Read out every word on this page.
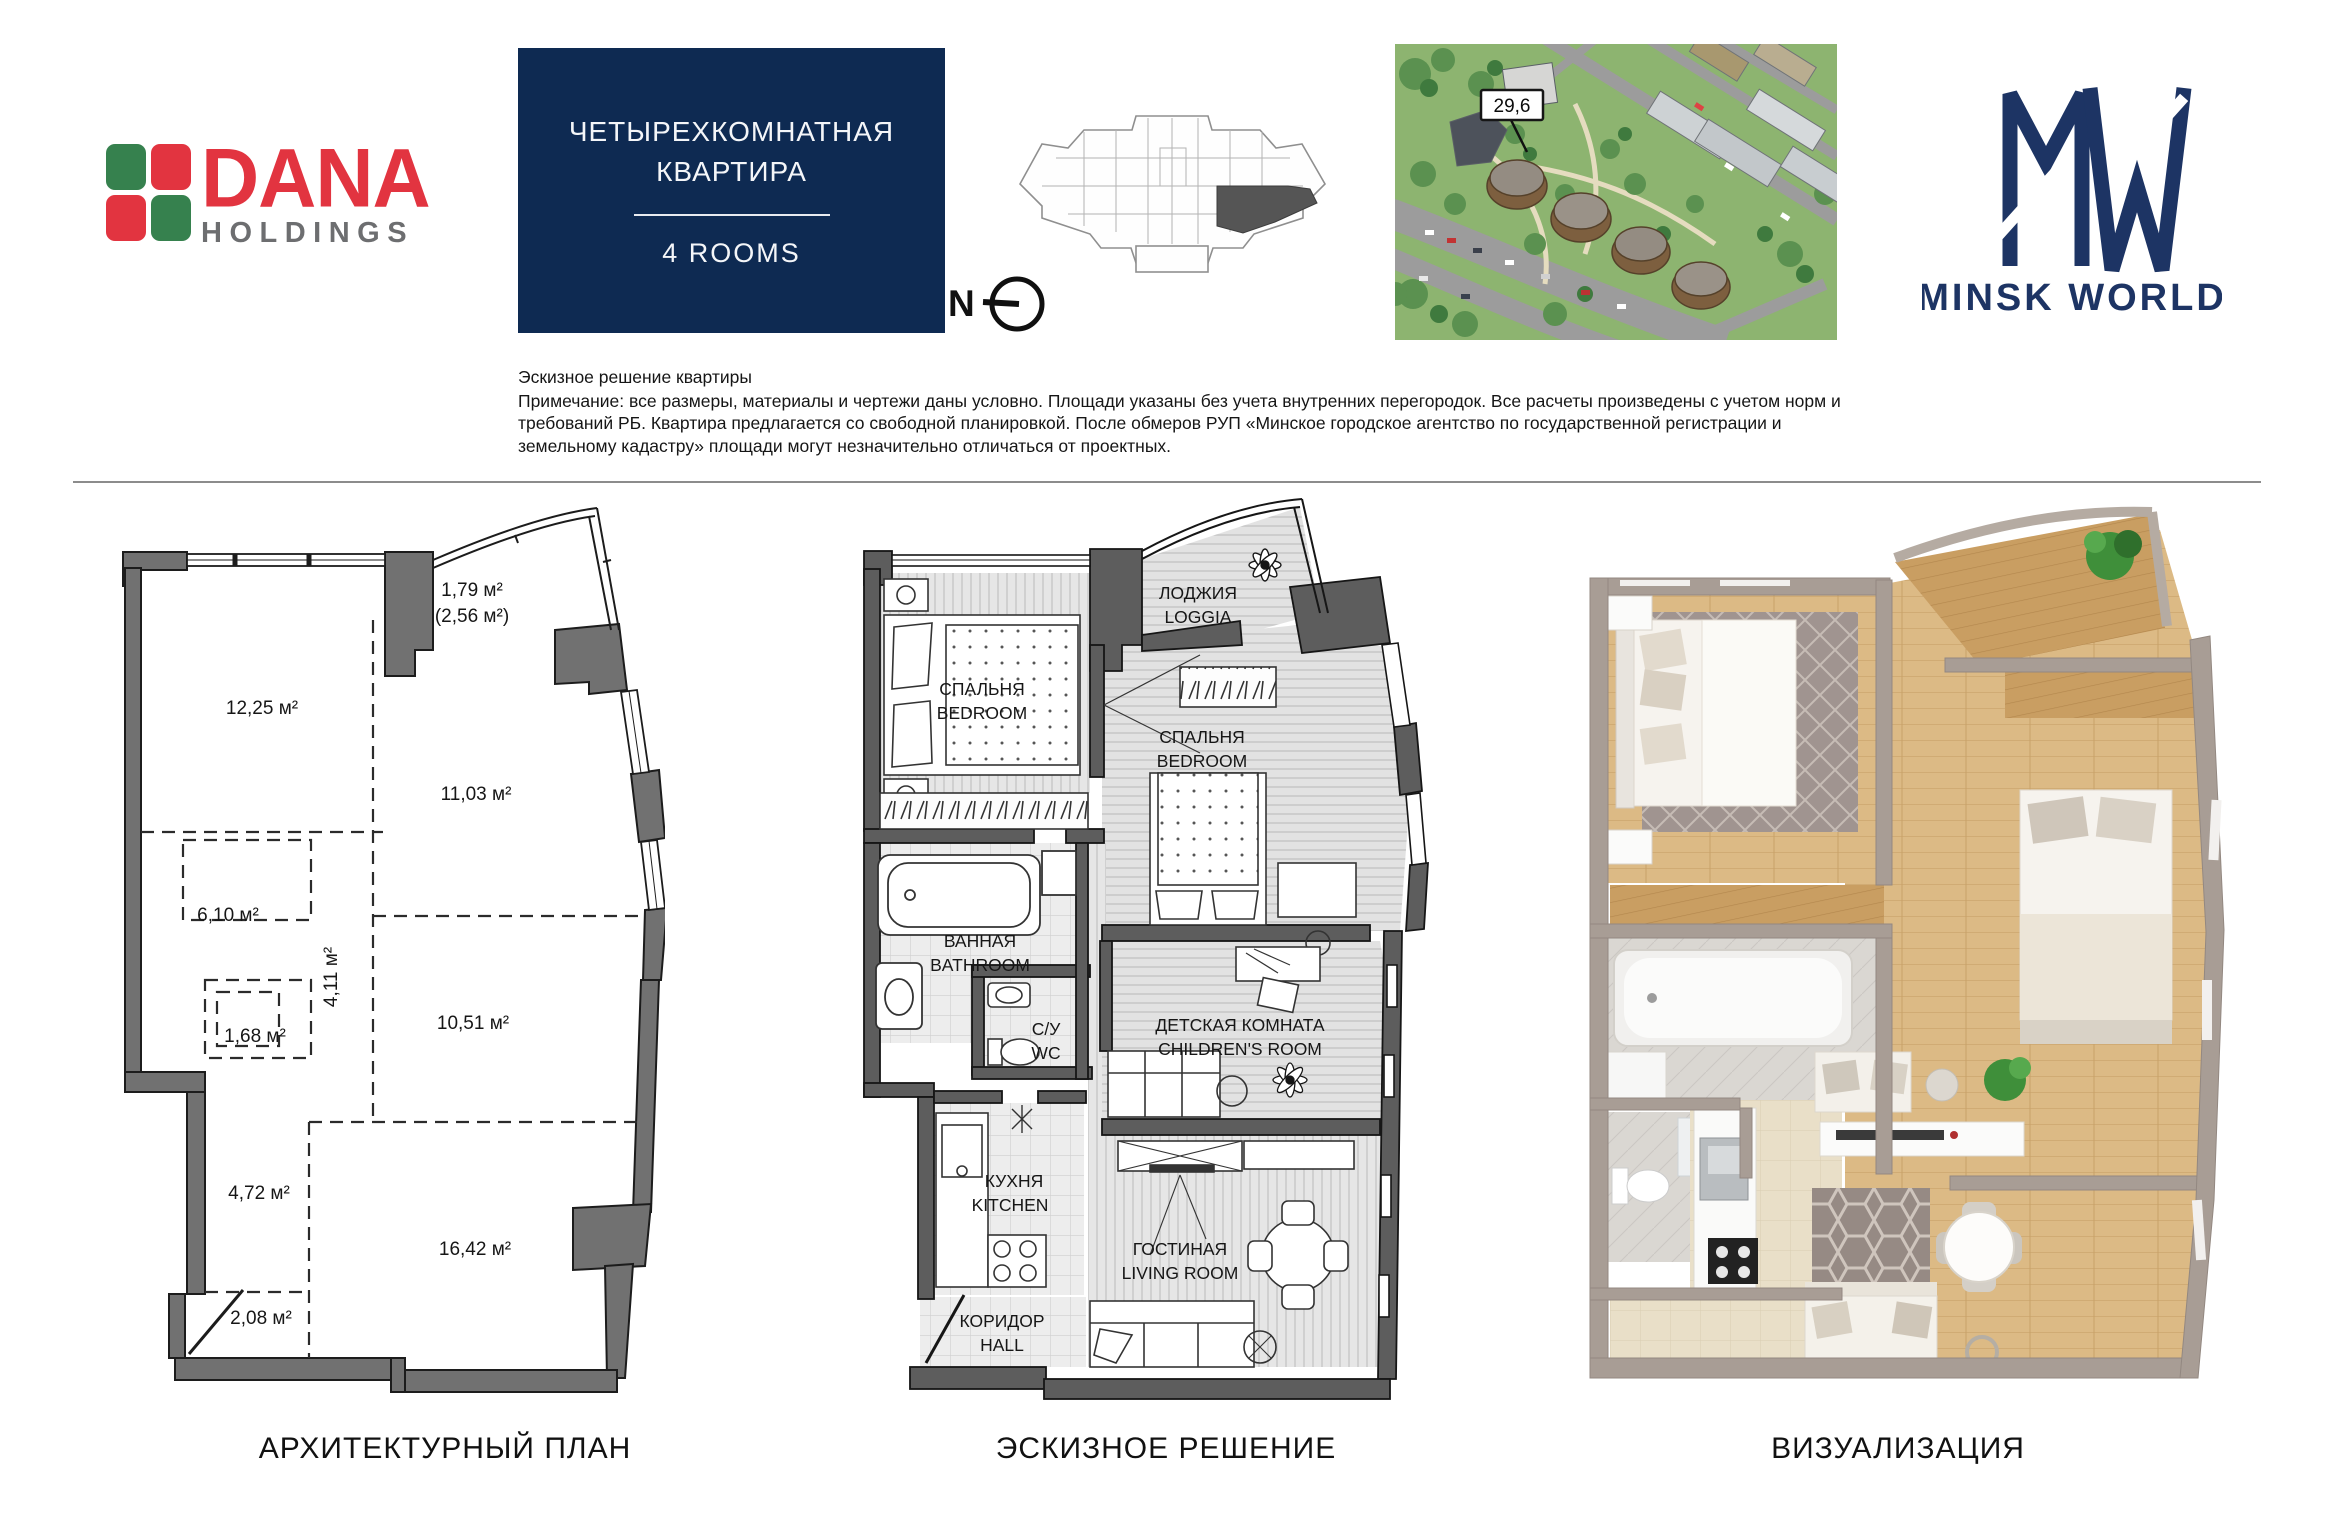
DANA
HOLDINGS
ЧЕТЫРЕХКОМНАТНАЯ
КВАРТИРА
4 ROOMS
N
29,6
MINSK WORLD
Эскизное решение квартиры
Примечание: все размеры, материалы и чертежи даны условно. Площади указаны без учета внутренних перегородок. Все расчеты произведены с учетом норм и требований РБ. Квартира предлагается со свободной планировкой. После обмеров РУП «Минское городское агентство по государственной регистрации и земельному кадастру» площади могут незначительно отличаться от проектных.
1,79 м²
(2,56 м²)
12,25 м²
11,03 м²
6,10 м²
4,11 м²
1,68 м²
10,51 м²
4,72 м²
16,42 м²
2,08 м²
АРХИТЕКТУРНЫЙ ПЛАН
ЛОДЖИЯ
LOGGIA
СПАЛЬНЯ
BEDROOM
СПАЛЬНЯ
BEDROOM
ВАННАЯ
BATHROOM
С/У
WC
ДЕТСКАЯ КОМНАТА
CHILDREN'S ROOM
КУХНЯ
KITCHEN
ГОСТИНАЯ
LIVING ROOM
КОРИДОР
HALL
ЭСКИЗНОЕ РЕШЕНИЕ	ВИЗУАЛИЗАЦИЯ
